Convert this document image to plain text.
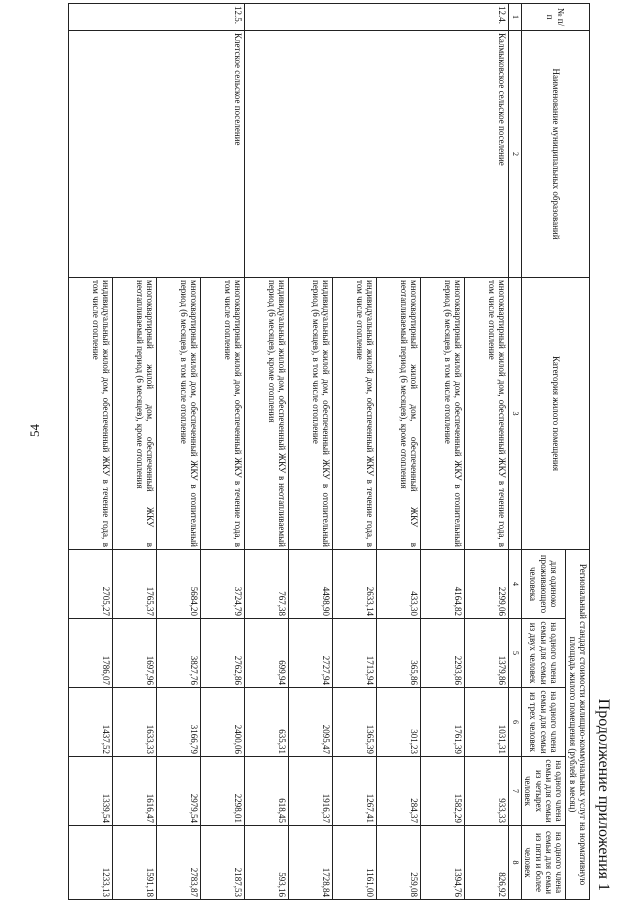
54
Продолжение приложения 1
№ п/п	Наименование муниципальных образований	Категория жилого помещения	Региональный стандарт стоимости жилищно-коммунальных услуг на нормативную площадь жилого помещения (рублей в месяц)				
			для одиноко проживающего человека	на одного члена семьи для семьи из двух человек	на одного члена семьи для семьи из трех человек	на одного члена семьи для семьи из четырех человек	на одного члена семьи для семьи из пяти и более человек
1	2	3	4	5	6	7	8
12.4.	Калмыковское сельское поселение	многоквартирный жилой дом, обеспеченный ЖКУ в течение года, в том числе отопление	2299,06	1379,86	1031,31	933,33	826,92
		многоквартирный жилой дом, обеспеченный ЖКУ в отопительный период (6 месяцев), в том числе отопление	4164,82	2293,86	1761,39	1582,29	1394,76
		многоквартирный жилой дом, обеспеченный ЖКУ в неотапливаемый период (6 месяцев), кроме отопления	433,30	365,86	301,23	284,37	259,08
		индивидуальный жилой дом, обеспеченный ЖКУ в течение года, в том числе отопление	2633,14	1713,94	1365,39	1267,41	1161,00
		индивидуальный жилой дом, обеспеченный ЖКУ в отопительный период (6 месяцев), в том числе отопление	4498,90	2727,94	2095,47	1916,37	1728,84
		индивидуальный жилой дом, обеспеченный ЖКУ в неотапливаемый период (6 месяцев), кроме отопления	767,38	699,94	635,31	618,45	593,16
12.5.	Клетское сельское поселение	многоквартирный жилой дом, обеспеченный ЖКУ в течение года, в том числе отопление	3724,79	2762,86	2400,06	2298,01	2187,53
		многоквартирный жилой дом, обеспеченный ЖКУ в отопительный период (6 месяцев), в том числе отопление	5684,20	3827,76	3166,79	2979,54	2783,87
		многоквартирный жилой дом, обеспеченный ЖКУ в неотапливаемый период (6 месяцев), кроме отопления	1765,37	1697,96	1633,33	1616,47	1591,18
		индивидуальный жилой дом, обеспеченный ЖКУ в течение года, в том числе отопление	2705,27	1786,07	1437,52	1339,54	1233,13
